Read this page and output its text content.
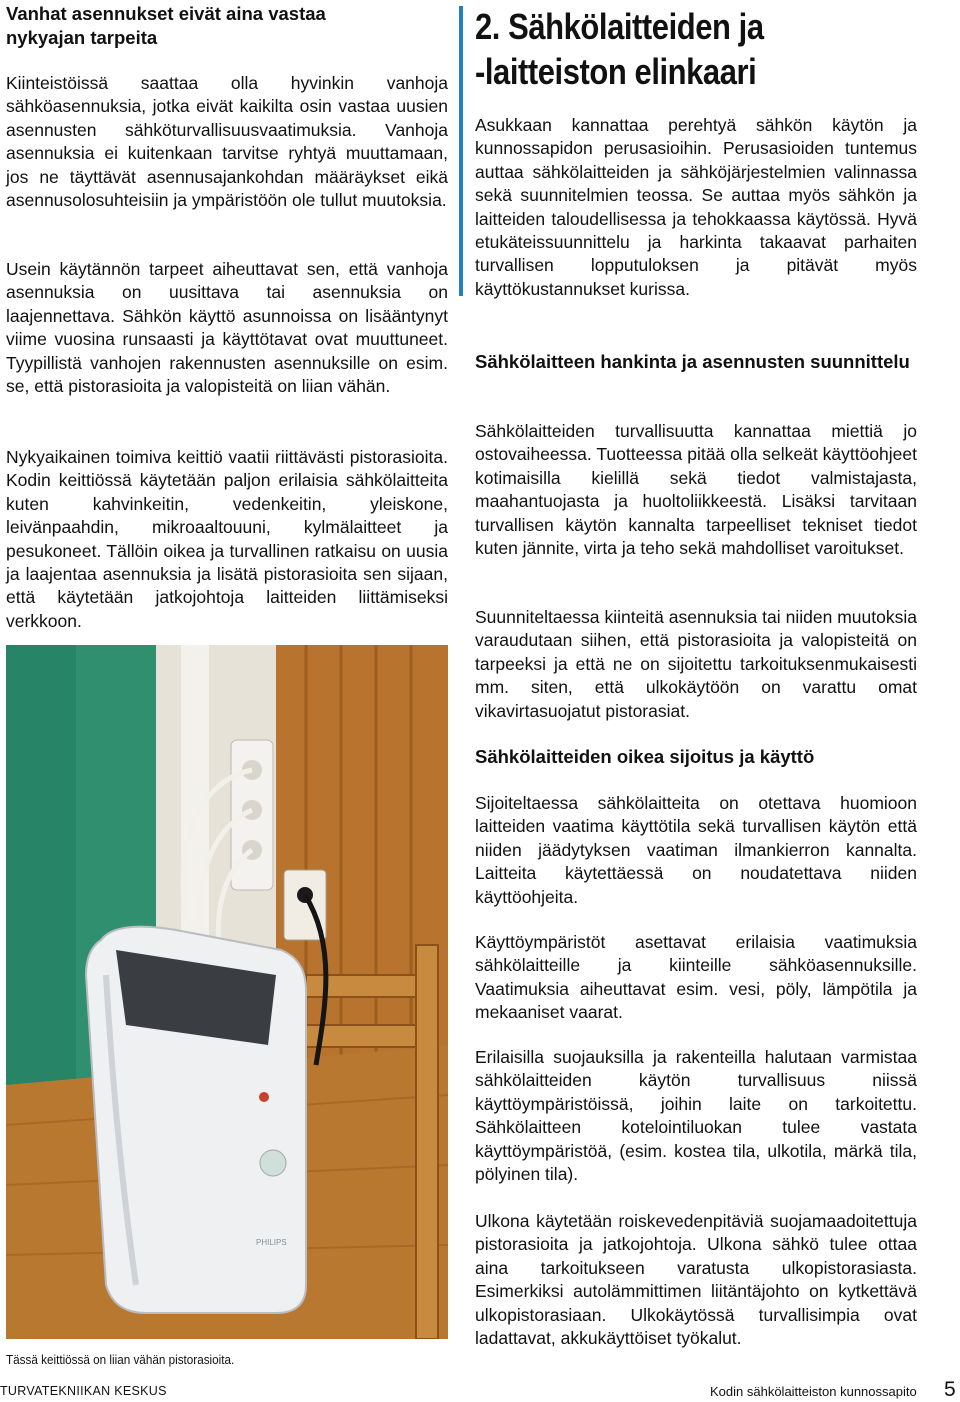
Vanhat asennukset eivät aina vastaa nykyajan tarpeita

Kiinteistöissä saattaa olla hyvinkin vanhoja sähköasennuksia, jotka eivät kaikilta osin vastaa uusien asennusten sähköturvallisuusvaatimuksia. Vanhoja asennuksia ei kuitenkaan tarvitse ryhtyä muuttamaan, jos ne täyttävät asennusajankohdan määräykset eikä asennusolosuhteisiin ja ympäristöön ole tullut muutoksia.

Usein käytännön tarpeet aiheuttavat sen, että vanhoja asennuksia on uusittava tai asennuksia on laajennettava. Sähkön käyttö asunnoissa on lisääntynyt viime vuosina runsaasti ja käyttötavat ovat muuttuneet. Tyypillistä vanhojen rakennusten asennuksille on esim. se, että pistorasioita ja valopisteitä on liian vähän.

Nykyaikainen toimiva keittiö vaatii riittävästi pistorasioita. Kodin keittiössä käytetään paljon erilaisia sähkölaitteita kuten kahvinkeitin, vedenkeitin, yleiskone, leivänpaahdin, mikroaaltouuni, kylmälaitteet ja pesukoneet. Tällöin oikea ja turvallinen ratkaisu on uusia ja laajentaa asennuksia ja lisätä pistorasioita sen sijaan, että käytetään jatkojohtoja laitteiden liittämiseksi verkkoon.

PHILIPS
Tässä keittiössä on liian vähän pistorasioita.
2. Sähkölaitteiden ja
-laitteiston elinkaari

Asukkaan kannattaa perehtyä sähkön käytön ja kunnossapidon perusasioihin. Perusasioiden tuntemus auttaa sähkölaitteiden ja sähköjärjestelmien valinnassa sekä suunnitelmien teossa. Se auttaa myös sähkön ja laitteiden taloudellisessa ja tehokkaassa käytössä. Hyvä etukäteissuunnittelu ja harkinta takaavat parhaiten turvallisen lopputuloksen ja pitävät myös käyttökustannukset kurissa.

Sähkölaitteen hankinta ja asennusten suunnittelu

Sähkölaitteiden turvallisuutta kannattaa miettiä jo ostovaiheessa. Tuotteessa pitää olla selkeät käyttöohjeet kotimaisilla kielillä sekä tiedot valmistajasta, maahantuojasta ja huoltoliikkeestä. Lisäksi tarvitaan turvallisen käytön kannalta tarpeelliset tekniset tiedot kuten jännite, virta ja teho sekä mahdolliset varoitukset.

Suunniteltaessa kiinteitä asennuksia tai niiden muutoksia varaudutaan siihen, että pistorasioita ja valopisteitä on tarpeeksi ja että ne on sijoitettu tarkoituksenmukaisesti mm. siten, että ulkokäytöön on varattu omat vikavirtasuojatut pistorasiat.

Sähkölaitteiden oikea sijoitus ja käyttö

Sijoiteltaessa sähkölaitteita on otettava huomioon laitteiden vaatima käyttötila sekä turvallisen käytön että niiden jäädytyksen vaatiman ilmankierron kannalta. Laitteita käytettäessä on noudatettava niiden käyttöohjeita.

Käyttöympäristöt asettavat erilaisia vaatimuksia sähkölaitteille ja kiinteille sähköasennuksille. Vaatimuksia aiheuttavat esim. vesi, pöly, lämpötila ja mekaaniset vaarat.

Erilaisilla suojauksilla ja rakenteilla halutaan varmistaa sähkölaitteiden käytön turvallisuus niissä käyttöympäristöissä, joihin laite on tarkoitettu. Sähkölaitteen kotelointiluokan tulee vastata käyttöympäristöä, (esim. kostea tila, ulkotila, märkä tila, pölyinen tila).

Ulkona käytetään roiskevedenpitäviä suojamaadoitettuja pistorasioita ja jatkojohtoja. Ulkona sähkö tulee ottaa aina tarkoitukseen varatusta ulkopistorasiasta. Esimerkiksi autolämmittimen liitäntäjohto on kytkettävä ulkopistorasiaan. Ulkokäytössä turvallisimpia ovat ladattavat, akkukäyttöiset työkalut.

TURVATEKNIIKAN KESKUS	Kodin sähkölaitteiston kunnossapito 5
